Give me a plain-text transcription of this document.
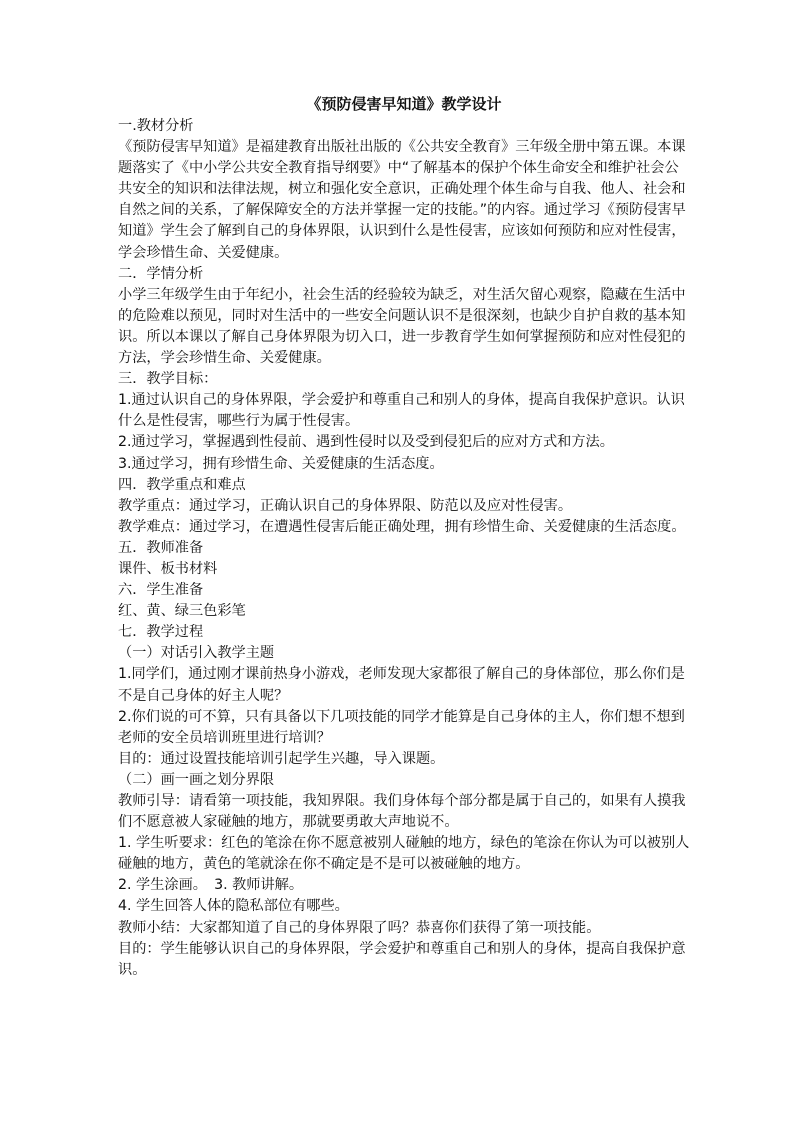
《预防侵害早知道》教学设计

一.教材分析

《预防侵害早知道》是福建教育出版社出版的《公共安全教育》三年级全册中第五课。本课题落实了《中小学公共安全教育指导纲要》中“了解基本的保护个体生命安全和维护社会公共安全的知识和法律法规，树立和强化安全意识，正确处理个体生命与自我、他人、社会和自然之间的关系，了解保障安全的方法并掌握一定的技能。”的内容。通过学习《预防侵害早知道》学生会了解到自己的身体界限，认识到什么是性侵害，应该如何预防和应对性侵害，学会珍惜生命、关爱健康。

二．学情分析

小学三年级学生由于年纪小，社会生活的经验较为缺乏，对生活欠留心观察，隐藏在生活中的危险难以预见，同时对生活中的一些安全问题认识不是很深刻，也缺少自护自救的基本知识。所以本课以了解自己身体界限为切入口，进一步教育学生如何掌握预防和应对性侵犯的方法，学会珍惜生命、关爱健康。

三．教学目标：

1.通过认识自己的身体界限，学会爱护和尊重自己和别人的身体，提高自我保护意识。认识什么是性侵害，哪些行为属于性侵害。

2.通过学习，掌握遇到性侵前、遇到性侵时以及受到侵犯后的应对方式和方法。

3.通过学习，拥有珍惜生命、关爱健康的生活态度。

四．教学重点和难点

教学重点：通过学习，正确认识自己的身体界限、防范以及应对性侵害。

教学难点：通过学习，在遭遇性侵害后能正确处理，拥有珍惜生命、关爱健康的生活态度。

五．教师准备

课件、板书材料

六．学生准备

红、黄、绿三色彩笔

七．教学过程

（一）对话引入教学主题

1.同学们，通过刚才课前热身小游戏，老师发现大家都很了解自己的身体部位，那么你们是不是自己身体的好主人呢？

2.你们说的可不算，只有具备以下几项技能的同学才能算是自己身体的主人，你们想不想到老师的安全员培训班里进行培训？

目的：通过设置技能培训引起学生兴趣，导入课题。

（二）画一画之划分界限

教师引导：请看第一项技能，我知界限。我们身体每个部分都是属于自己的，如果有人摸我们不愿意被人家碰触的地方，那就要勇敢大声地说不。

1. 学生听要求：红色的笔涂在你不愿意被别人碰触的地方，绿色的笔涂在你认为可以被别人碰触的地方，黄色的笔就涂在你不确定是不是可以被碰触的地方。

2. 学生涂画。　3. 教师讲解。

4. 学生回答人体的隐私部位有哪些。

教师小结：大家都知道了自己的身体界限了吗？恭喜你们获得了第一项技能。

目的：学生能够认识自己的身体界限，学会爱护和尊重自己和别人的身体，提高自我保护意识。
